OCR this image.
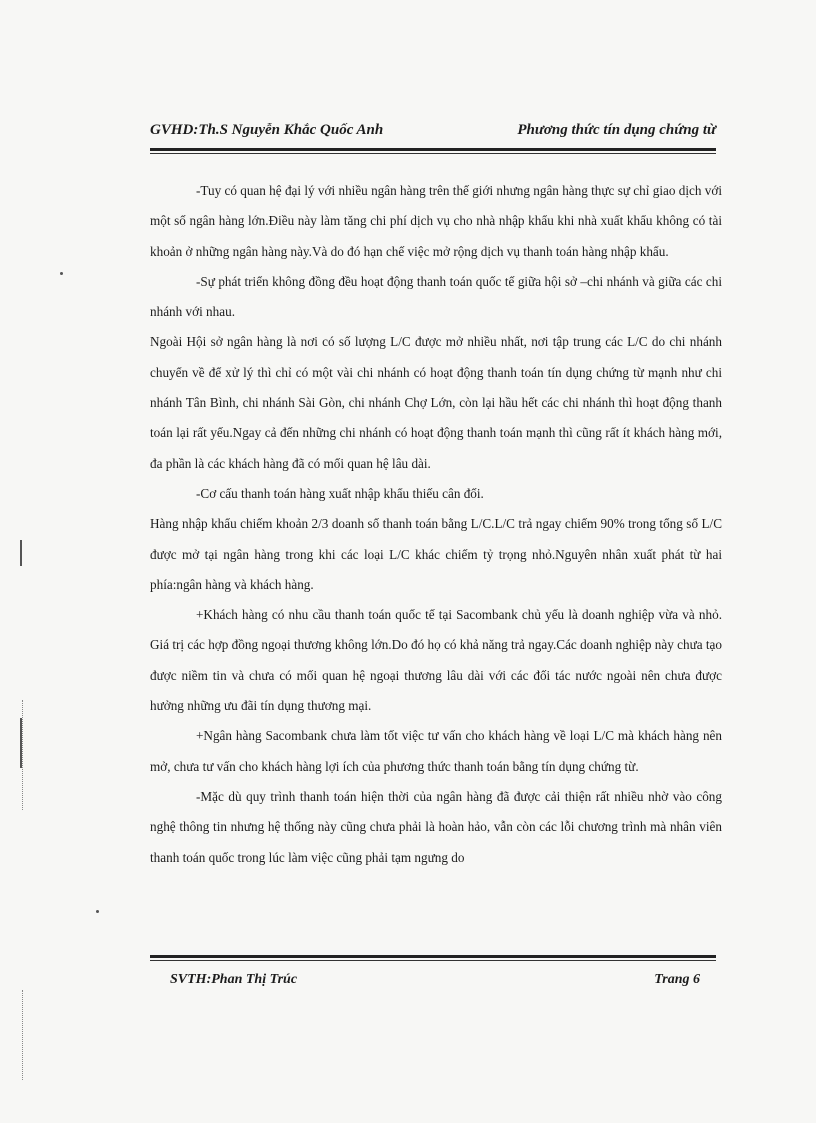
GVHD:Th.S Nguyễn Khắc Quốc Anh	Phương thức tín dụng chứng từ

-Tuy có quan hệ đại lý với nhiều ngân hàng trên thế giới nhưng ngân hàng thực sự chỉ giao dịch với một số ngân hàng lớn.Điều này làm tăng chi phí dịch vụ cho nhà nhập khẩu khi nhà xuất khẩu không có tài khoản ở những ngân hàng này.Và do đó hạn chế việc mở rộng dịch vụ thanh toán hàng nhập khẩu.

-Sự phát triển không đồng đều hoạt động thanh toán quốc tế giữa hội sở –chi nhánh và giữa các chi nhánh với nhau.

Ngoài Hội sở ngân hàng là nơi có số lượng L/C được mở nhiều nhất, nơi tập trung các L/C do chi nhánh chuyển về để xử lý thì chỉ có một vài chi nhánh có hoạt động thanh toán tín dụng chứng từ mạnh như chi nhánh Tân Bình, chi nhánh Sài Gòn, chi nhánh Chợ Lớn, còn lại hầu hết các chi nhánh thì hoạt động thanh toán lại rất yếu.Ngay cả đến những chi nhánh có hoạt động thanh toán mạnh thì cũng rất ít khách hàng mới, đa phần là các khách hàng đã có mối quan hệ lâu dài.

-Cơ cấu thanh toán hàng xuất nhập khẩu thiếu cân đối.

Hàng nhập khẩu chiếm khoản 2/3 doanh số thanh toán bằng L/C.L/C trả ngay chiếm 90% trong tổng số L/C được mở tại ngân hàng trong khi các loại L/C khác chiếm tỷ trọng nhỏ.Nguyên nhân xuất phát từ hai phía:ngân hàng và khách hàng.

+Khách hàng có nhu cầu thanh toán quốc tế tại Sacombank chủ yếu là doanh nghiệp vừa và nhỏ. Giá trị các hợp đồng ngoại thương không lớn.Do đó họ có khả năng trả ngay.Các doanh nghiệp này chưa tạo được niềm tin và chưa có mối quan hệ ngoại thương lâu dài với các đối tác nước ngoài nên chưa được hưởng những ưu đãi tín dụng thương mại.

+Ngân hàng Sacombank chưa làm tốt việc tư vấn cho khách hàng về loại L/C mà khách hàng nên mở, chưa tư vấn cho khách hàng lợi ích của phương thức thanh toán bằng tín dụng chứng từ.

-Mặc dù quy trình thanh toán hiện thời của ngân hàng đã được cải thiện rất nhiều nhờ vào công nghệ thông tin nhưng hệ thống này cũng chưa phải là hoàn hảo, vẫn còn các lỗi chương trình mà nhân viên thanh toán quốc trong lúc làm việc cũng phải tạm ngưng do

SVTH:Phan Thị Trúc	Trang 6
